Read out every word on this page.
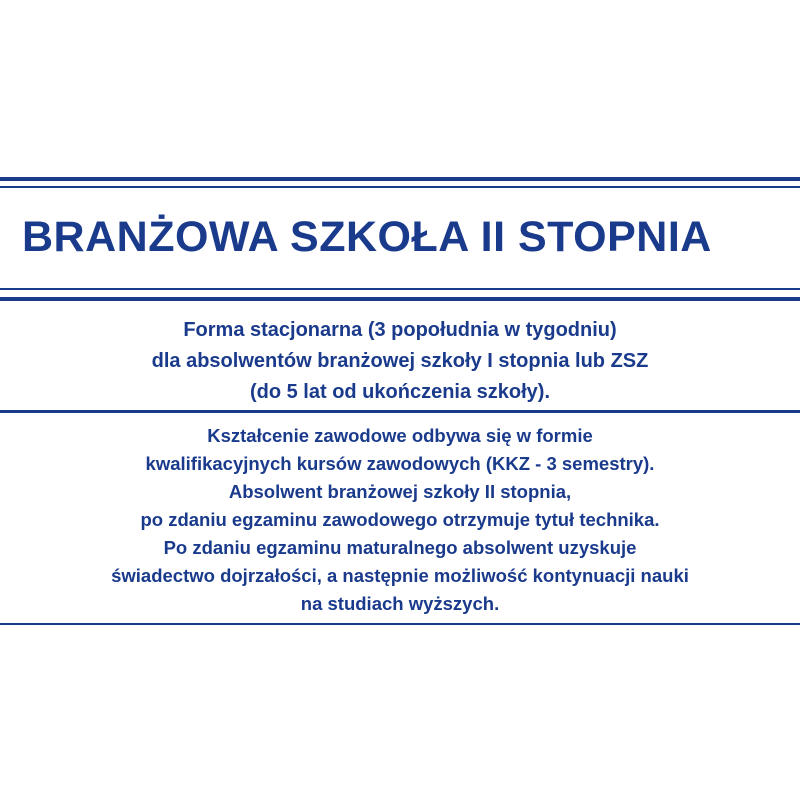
BRANŻOWA SZKOŁA II STOPNIA
Forma stacjonarna (3 popołudnia w tygodniu)
dla absolwentów branżowej szkoły I stopnia lub ZSZ
(do 5 lat od ukończenia szkoły).
Kształcenie zawodowe odbywa się w formie
kwalifikacyjnych kursów zawodowych (KKZ - 3 semestry).
Absolwent branżowej szkoły II stopnia,
po zdaniu egzaminu zawodowego otrzymuje tytuł technika.
Po zdaniu egzaminu maturalnego absolwent uzyskuje
świadectwo dojrzałości, a następnie możliwość kontynuacji nauki
na studiach wyższych.
